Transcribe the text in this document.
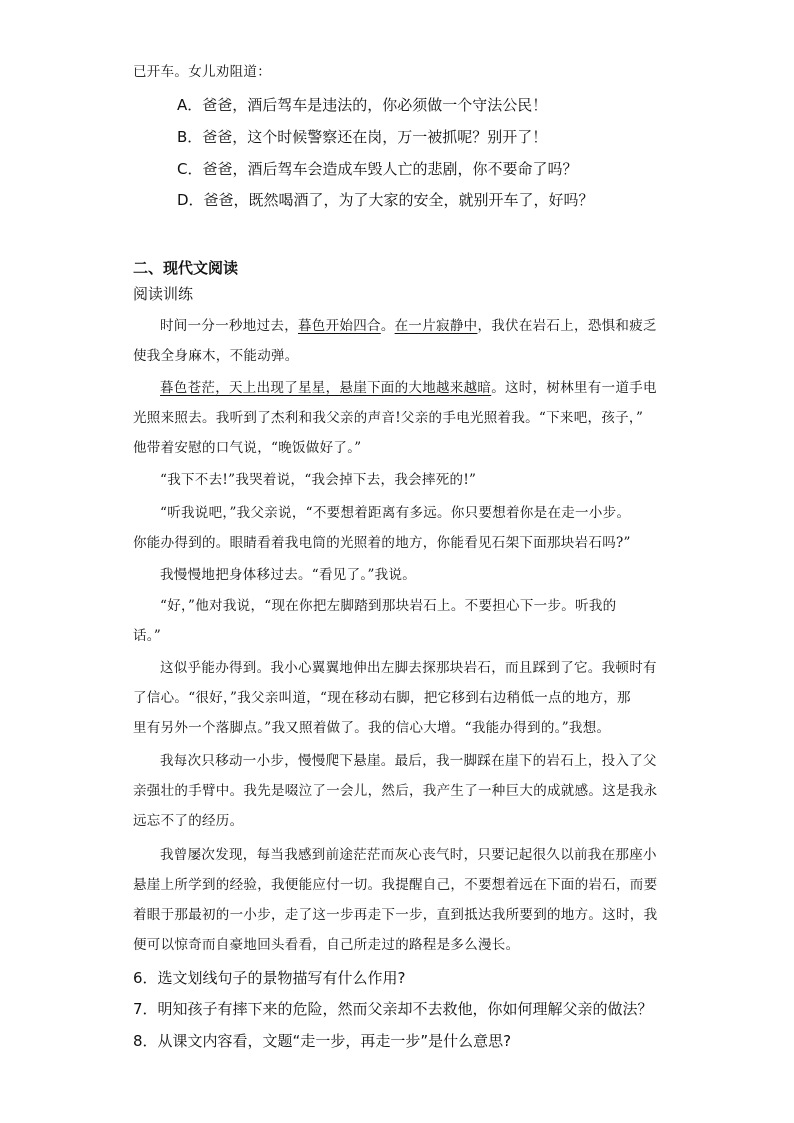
已开车。女儿劝阻道：
A．爸爸，酒后驾车是违法的，你必须做一个守法公民！
B．爸爸，这个时候警察还在岗，万一被抓呢？别开了！
C．爸爸，酒后驾车会造成车毁人亡的悲剧，你不要命了吗？
D．爸爸，既然喝酒了，为了大家的安全，就别开车了，好吗？
二、现代文阅读
阅读训练
时间一分一秒地过去，暮色开始四合。在一片寂静中，我伏在岩石上，恐惧和疲乏
使我全身麻木，不能动弹。
暮色苍茫，天上出现了星星，悬崖下面的大地越来越暗。这时，树林里有一道手电
光照来照去。我听到了杰利和我父亲的声音!父亲的手电光照着我。“下来吧，孩子，”
他带着安慰的口气说，“晚饭做好了。”
“我下不去!”我哭着说，“我会掉下去，我会摔死的!”
“听我说吧，”我父亲说，“不要想着距离有多远。你只要想着你是在走一小步。
你能办得到的。眼睛看着我电筒的光照着的地方，你能看见石架下面那块岩石吗?”
我慢慢地把身体移过去。“看见了。”我说。
“好，”他对我说，“现在你把左脚踏到那块岩石上。不要担心下一步。听我的
话。”
这似乎能办得到。我小心翼翼地伸出左脚去探那块岩石，而且踩到了它。我顿时有
了信心。“很好，”我父亲叫道，“现在移动右脚，把它移到右边稍低一点的地方，那
里有另外一个落脚点。”我又照着做了。我的信心大增。“我能办得到的。”我想。
我每次只移动一小步，慢慢爬下悬崖。最后，我一脚踩在崖下的岩石上，投入了父
亲强壮的手臂中。我先是啜泣了一会儿，然后，我产生了一种巨大的成就感。这是我永
远忘不了的经历。
我曾屡次发现，每当我感到前途茫茫而灰心丧气时，只要记起很久以前我在那座小
悬崖上所学到的经验，我便能应付一切。我提醒自己，不要想着远在下面的岩石，而要
着眼于那最初的一小步，走了这一步再走下一步，直到抵达我所要到的地方。这时，我
便可以惊奇而自豪地回头看看，自己所走过的路程是多么漫长。
6．选文划线句子的景物描写有什么作用?
7．明知孩子有摔下来的危险，然而父亲却不去救他，你如何理解父亲的做法？
8．从课文内容看，文题“走一步，再走一步”是什么意思?
